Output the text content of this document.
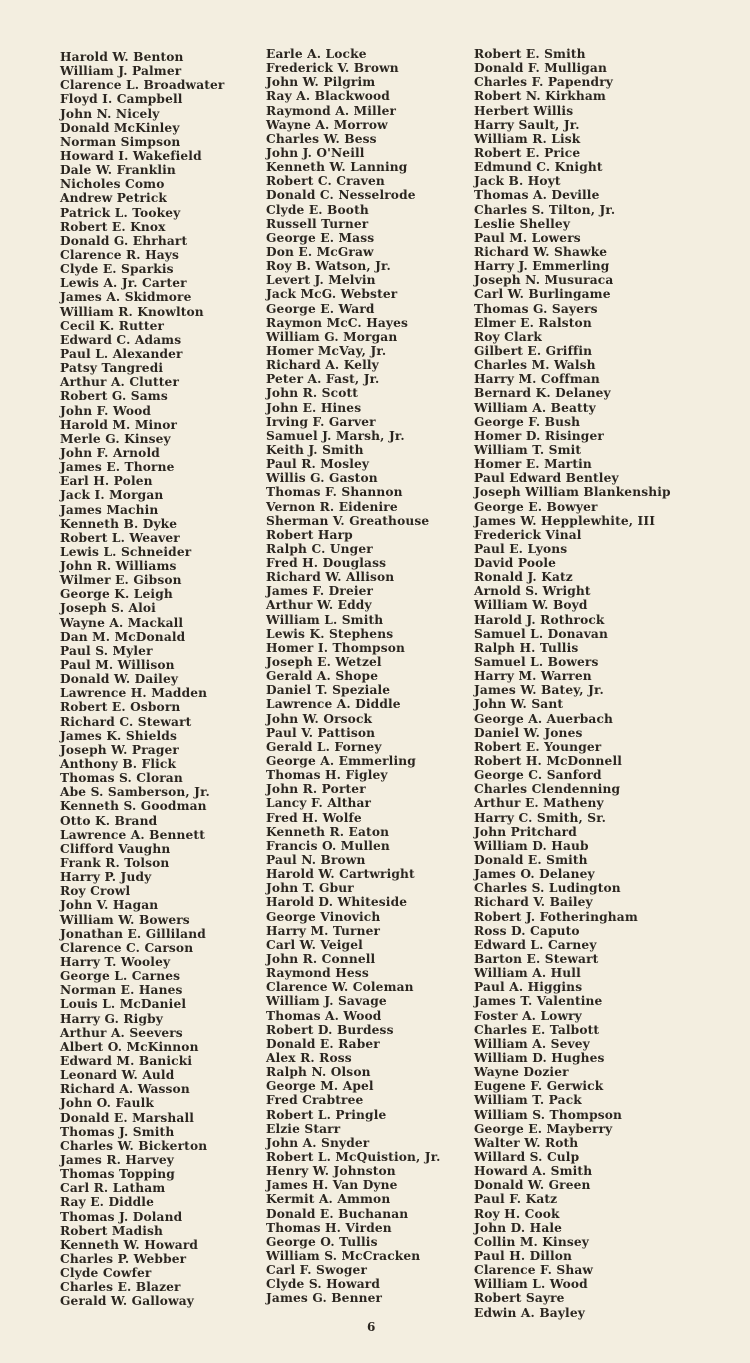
Harold W. Benton
William J. Palmer
Clarence L. Broadwater
Floyd I. Campbell
John N. Nicely
Donald McKinley
Norman Simpson
Howard I. Wakefield
Dale W. Franklin
Nicholes Como
Andrew Petrick
Patrick L. Tookey
Robert E. Knox
Donald G. Ehrhart
Clarence R. Hays
Clyde E. Sparkis
Lewis A. Jr. Carter
James A. Skidmore
William R. Knowlton
Cecil K. Rutter
Edward C. Adams
Paul L. Alexander
Patsy Tangredi
Arthur A. Clutter
Robert G. Sams
John F. Wood
Harold M. Minor
Merle G. Kinsey
John F. Arnold
James E. Thorne
Earl H. Polen
Jack I. Morgan
James Machin
Kenneth B. Dyke
Robert L. Weaver
Lewis L. Schneider
John R. Williams
Wilmer E. Gibson
George K. Leigh
Joseph S. Aloi
Wayne A. Mackall
Dan M. McDonald
Paul S. Myler
Paul M. Willison
Donald W. Dailey
Lawrence H. Madden
Robert E. Osborn
Richard C. Stewart
James K. Shields
Joseph W. Prager
Anthony B. Flick
Thomas S. Cloran
Abe S. Samberson, Jr.
Kenneth S. Goodman
Otto K. Brand
Lawrence A. Bennett
Clifford Vaughn
Frank R. Tolson
Harry P. Judy
Roy Crowl
John V. Hagan
William W. Bowers
Jonathan E. Gilliland
Clarence C. Carson
Harry T. Wooley
George L. Carnes
Norman E. Hanes
Louis L. McDaniel
Harry G. Rigby
Arthur A. Seevers
Albert O. McKinnon
Edward M. Banicki
Leonard W. Auld
Richard A. Wasson
John O. Faulk
Donald E. Marshall
Thomas J. Smith
Charles W. Bickerton
James R. Harvey
Thomas Topping
Carl R. Latham
Ray E. Diddle
Thomas J. Doland
Robert Madish
Kenneth W. Howard
Charles P. Webber
Clyde Cowfer
Charles E. Blazer
Gerald W. Galloway
Earle A. Locke
Frederick V. Brown
John W. Pilgrim
Ray A. Blackwood
Raymond A. Miller
Wayne A. Morrow
Charles W. Bess
John J. O'Neill
Kenneth W. Lanning
Robert C. Craven
Donald C. Nesselrode
Clyde E. Booth
Russell Turner
George E. Mass
Don E. McGraw
Roy B. Watson, Jr.
Levert J. Melvin
Jack McG. Webster
George E. Ward
Raymon McC. Hayes
William G. Morgan
Homer McVay, Jr.
Richard A. Kelly
Peter A. Fast, Jr.
John R. Scott
John E. Hines
Irving F. Garver
Samuel J. Marsh, Jr.
Keith J. Smith
Paul R. Mosley
Willis G. Gaston
Thomas F. Shannon
Vernon R. Eidenire
Sherman V. Greathouse
Robert Harp
Ralph C. Unger
Fred H. Douglass
Richard W. Allison
James F. Dreier
Arthur W. Eddy
William L. Smith
Lewis K. Stephens
Homer I. Thompson
Joseph E. Wetzel
Gerald A. Shope
Daniel T. Speziale
Lawrence A. Diddle
John W. Orsock
Paul V. Pattison
Gerald L. Forney
George A. Emmerling
Thomas H. Figley
John R. Porter
Lancy F. Althar
Fred H. Wolfe
Kenneth R. Eaton
Francis O. Mullen
Paul N. Brown
Harold W. Cartwright
John T. Gbur
Harold D. Whiteside
George Vinovich
Harry M. Turner
Carl W. Veigel
John R. Connell
Raymond Hess
Clarence W. Coleman
William J. Savage
Thomas A. Wood
Robert D. Burdess
Donald E. Raber
Alex R. Ross
Ralph N. Olson
George M. Apel
Fred Crabtree
Robert L. Pringle
Elzie Starr
John A. Snyder
Robert L. McQuistion, Jr.
Henry W. Johnston
James H. Van Dyne
Kermit A. Ammon
Donald E. Buchanan
Thomas H. Virden
George O. Tullis
William S. McCracken
Carl F. Swoger
Clyde S. Howard
James G. Benner
Robert E. Smith
Donald F. Mulligan
Charles F. Papendry
Robert N. Kirkham
Herbert Willis
Harry Sault, Jr.
William R. Lisk
Robert E. Price
Edmund C. Knight
Jack B. Hoyt
Thomas A. Deville
Charles S. Tilton, Jr.
Leslie Shelley
Paul M. Lowers
Richard W. Shawke
Harry J. Emmerling
Joseph N. Musuraca
Carl W. Burlingame
Thomas G. Sayers
Elmer E. Ralston
Roy Clark
Gilbert E. Griffin
Charles M. Walsh
Harry M. Coffman
Bernard K. Delaney
William A. Beatty
George F. Bush
Homer D. Risinger
William T. Smit
Homer E. Martin
Paul Edward Bentley
Joseph William Blankenship
George E. Bowyer
James W. Hepplewhite, III
Frederick Vinal
Paul E. Lyons
David Poole
Ronald J. Katz
Arnold S. Wright
William W. Boyd
Harold J. Rothrock
Samuel L. Donavan
Ralph H. Tullis
Samuel L. Bowers
Harry M. Warren
James W. Batey, Jr.
John W. Sant
George A. Auerbach
Daniel W. Jones
Robert E. Younger
Robert H. McDonnell
George C. Sanford
Charles Clendenning
Arthur E. Matheny
Harry C. Smith, Sr.
John Pritchard
William D. Haub
Donald E. Smith
James O. Delaney
Charles S. Ludington
Richard V. Bailey
Robert J. Fotheringham
Ross D. Caputo
Edward L. Carney
Barton E. Stewart
William A. Hull
Paul A. Higgins
James T. Valentine
Foster A. Lowry
Charles E. Talbott
William A. Sevey
William D. Hughes
Wayne Dozier
Eugene F. Gerwick
William T. Pack
William S. Thompson
George E. Mayberry
Walter W. Roth
Willard S. Culp
Howard A. Smith
Donald W. Green
Paul F. Katz
Roy H. Cook
John D. Hale
Collin M. Kinsey
Paul H. Dillon
Clarence F. Shaw
William L. Wood
Robert Sayre
Edwin A. Bayley
6
